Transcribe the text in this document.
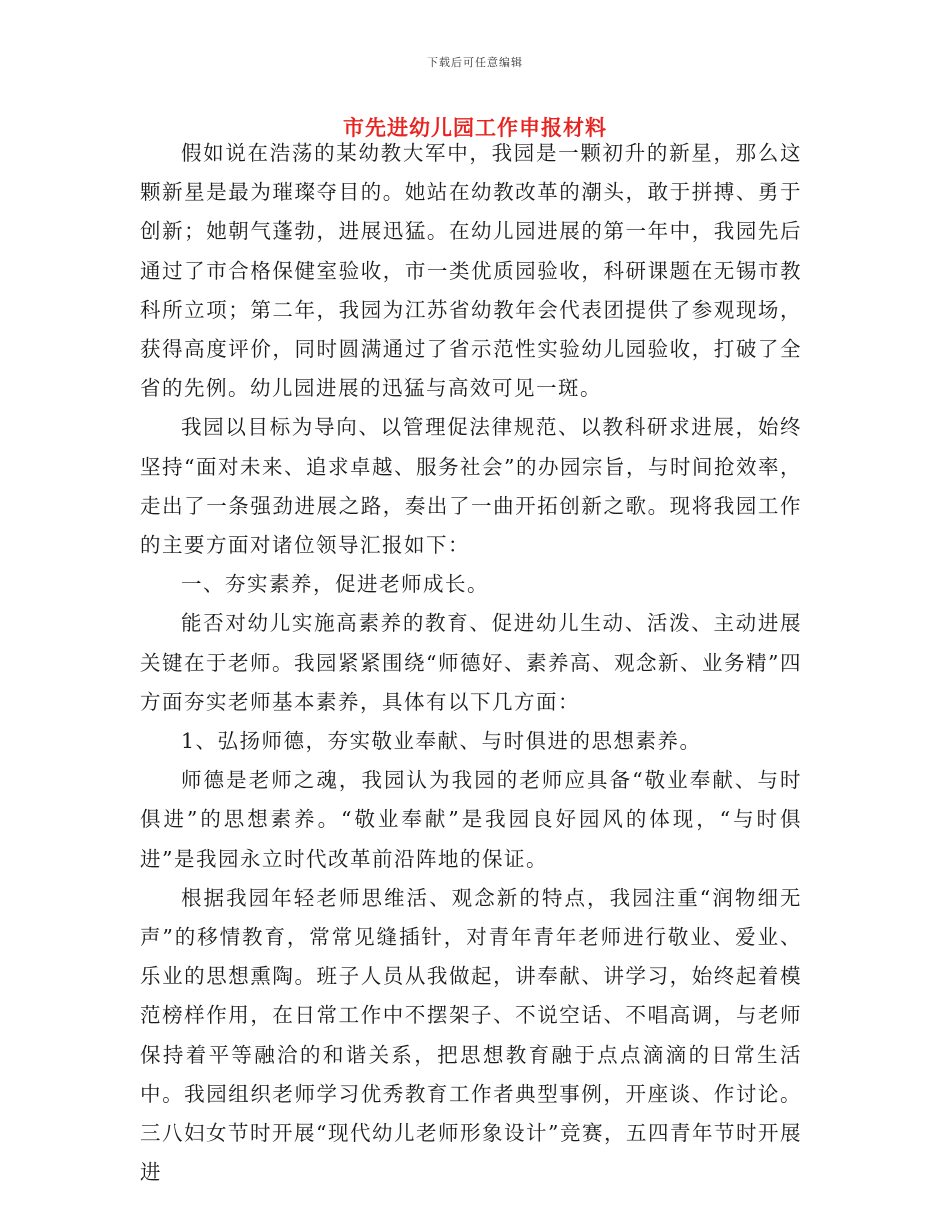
下载后可任意编辑
市先进幼儿园工作申报材料

假如说在浩荡的某幼教大军中，我园是一颗初升的新星，那么这颗新星是最为璀璨夺目的。她站在幼教改革的潮头，敢于拼搏、勇于创新；她朝气蓬勃，进展迅猛。在幼儿园进展的第一年中，我园先后通过了市合格保健室验收，市一类优质园验收，科研课题在无锡市教科所立项；第二年，我园为江苏省幼教年会代表团提供了参观现场，获得高度评价，同时圆满通过了省示范性实验幼儿园验收，打破了全省的先例。幼儿园进展的迅猛与高效可见一斑。

我园以目标为导向、以管理促法律规范、以教科研求进展，始终坚持“面对未来、追求卓越、服务社会”的办园宗旨，与时间抢效率，走出了一条强劲进展之路，奏出了一曲开拓创新之歌。现将我园工作的主要方面对诸位领导汇报如下：

一、夯实素养，促进老师成长。

能否对幼儿实施高素养的教育、促进幼儿生动、活泼、主动进展关键在于老师。我园紧紧围绕“师德好、素养高、观念新、业务精”四方面夯实老师基本素养，具体有以下几方面：

1、弘扬师德，夯实敬业奉献、与时俱进的思想素养。

师德是老师之魂，我园认为我园的老师应具备“敬业奉献、与时俱进”的思想素养。“敬业奉献”是我园良好园风的体现，“与时俱进”是我园永立时代改革前沿阵地的保证。

根据我园年轻老师思维活、观念新的特点，我园注重“润物细无声”的移情教育，常常见缝插针，对青年青年老师进行敬业、爱业、乐业的思想熏陶。班子人员从我做起，讲奉献、讲学习，始终起着模范榜样作用，在日常工作中不摆架子、不说空话、不唱高调，与老师保持着平等融洽的和谐关系，把思想教育融于点点滴滴的日常生活中。我园组织老师学习优秀教育工作者典型事例，开座谈、作讨论。三八妇女节时开展“现代幼儿老师形象设计”竞赛，五四青年节时开展进
